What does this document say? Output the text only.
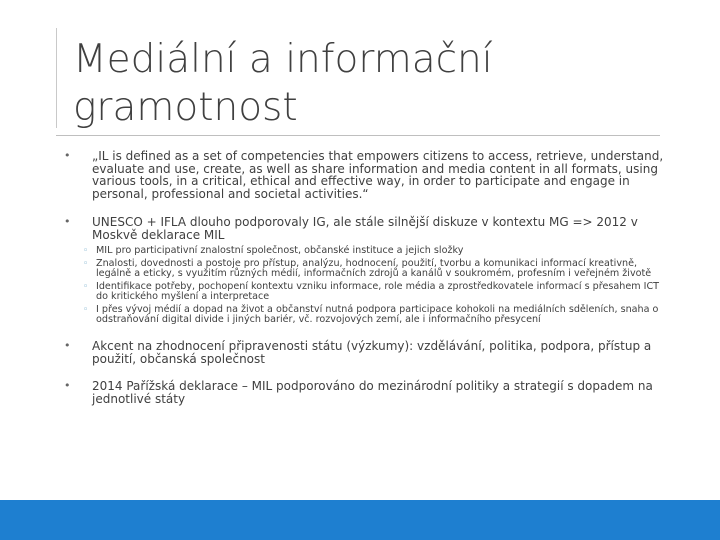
Mediální a informační gramotnost
• „IL is defined as a set of competencies that empowers citizens to access, retrieve, understand, evaluate and use, create, as well as share information and media content in all formats, using various tools, in a critical, ethical and effective way, in order to participate and engage in personal, professional and societal activities.“
• UNESCO + IFLA dlouho podporovaly IG, ale stále silnější diskuze v kontextu MG => 2012 v Moskvě deklarace MIL
◦ MIL pro participativní znalostní společnost, občanské instituce a jejich složky
◦ Znalosti, dovednosti a postoje pro přístup, analýzu, hodnocení, použití, tvorbu a komunikaci informací kreativně, legálně a eticky, s využitím různých médií, informačních zdrojů a kanálů v soukromém, profesním i veřejném životě
◦ Identifikace potřeby, pochopení kontextu vzniku informace, role média a zprostředkovatele informací s přesahem ICT do kritického myšlení a interpretace
◦ I přes vývoj médií a dopad na život a občanství nutná podpora participace kohokoli na mediálních sděleních, snaha o odstraňování digital divide i jiných bariér, vč. rozvojových zemí, ale i informačního přesycení
• Akcent na zhodnocení připravenosti státu (výzkumy): vzdělávání, politika, podpora, přístup a použití, občanská společnost
• 2014 Pařížská deklarace – MIL podporováno do mezinárodní politiky a strategií s dopadem na jednotlivé státy
